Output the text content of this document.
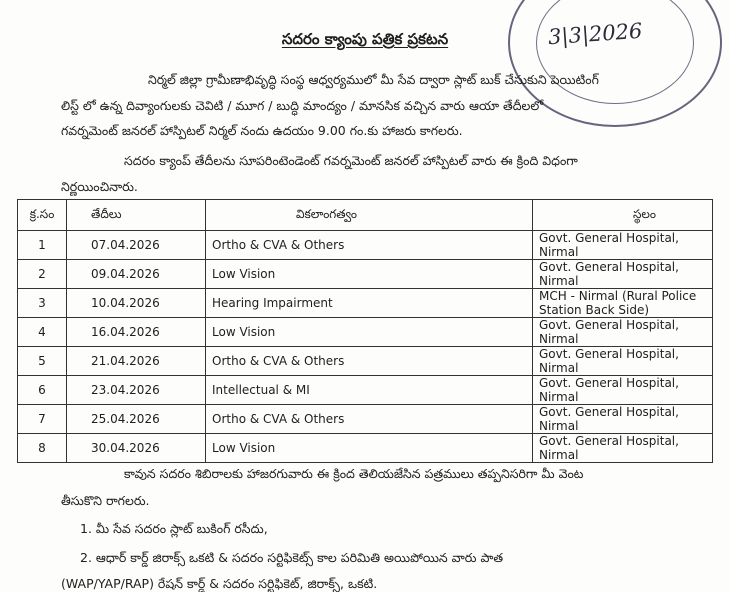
3|3|2026
సదరం క్యాంపు పత్రిక ప్రకటన
నిర్మల్ జిల్లా గ్రామీణాభివృద్ధి సంస్థ ఆధ్వర్యములో మీ సేవ ద్వారా స్లాట్ బుక్ చేసుకుని పెయిటింగ్
లిస్ట్ లో ఉన్న దివ్యాంగులకు చెవిటి / మూగ / బుద్ధి మాంద్యం / మానసిక వచ్చిన వారు ఆయా తేదీలలో
గవర్నమెంట్ జనరల్ హాస్పిటల్ నిర్మల్ నందు ఉదయం 9.00 గం.కు హాజరు కాగలరు.
సదరం క్యాంప్ తేదీలను సూపరింటెండెంట్ గవర్నమెంట్ జనరల్ హాస్పిటల్ వారు ఈ క్రింది విధంగా
నిర్ణయించినారు.
క్ర.సం	తేదీలు	వికలాంగత్వం	స్థలం
1	07.04.2026	Ortho & CVA & Others	Govt. General Hospital, Nirmal
2	09.04.2026	Low Vision	Govt. General Hospital, Nirmal
3	10.04.2026	Hearing Impairment	MCH - Nirmal (Rural Police Station Back Side)
4	16.04.2026	Low Vision	Govt. General Hospital, Nirmal
5	21.04.2026	Ortho & CVA & Others	Govt. General Hospital, Nirmal
6	23.04.2026	Intellectual & MI	Govt. General Hospital, Nirmal
7	25.04.2026	Ortho & CVA & Others	Govt. General Hospital, Nirmal
8	30.04.2026	Low Vision	Govt. General Hospital, Nirmal
కావున సదరం శిబిరాలకు హాజరగువారు ఈ క్రింద తెలియజేసిన పత్రములు తప్పనిసరిగా మీ వెంట
తీసుకొని రాగలరు.
1. మీ సేవ సదరం స్లాట్ బుకింగ్ రసీదు,
2. ఆధార్ కార్డ్ జిరాక్స్ ఒకటి & సదరం సర్టిఫికెట్స్ కాల పరిమితి అయిపోయిన వారు పాత
(WAP/YAP/RAP) రేషన్ కార్డ్ & సదరం సర్టిఫికెట్, జిరాక్స్, ఒకటి.
